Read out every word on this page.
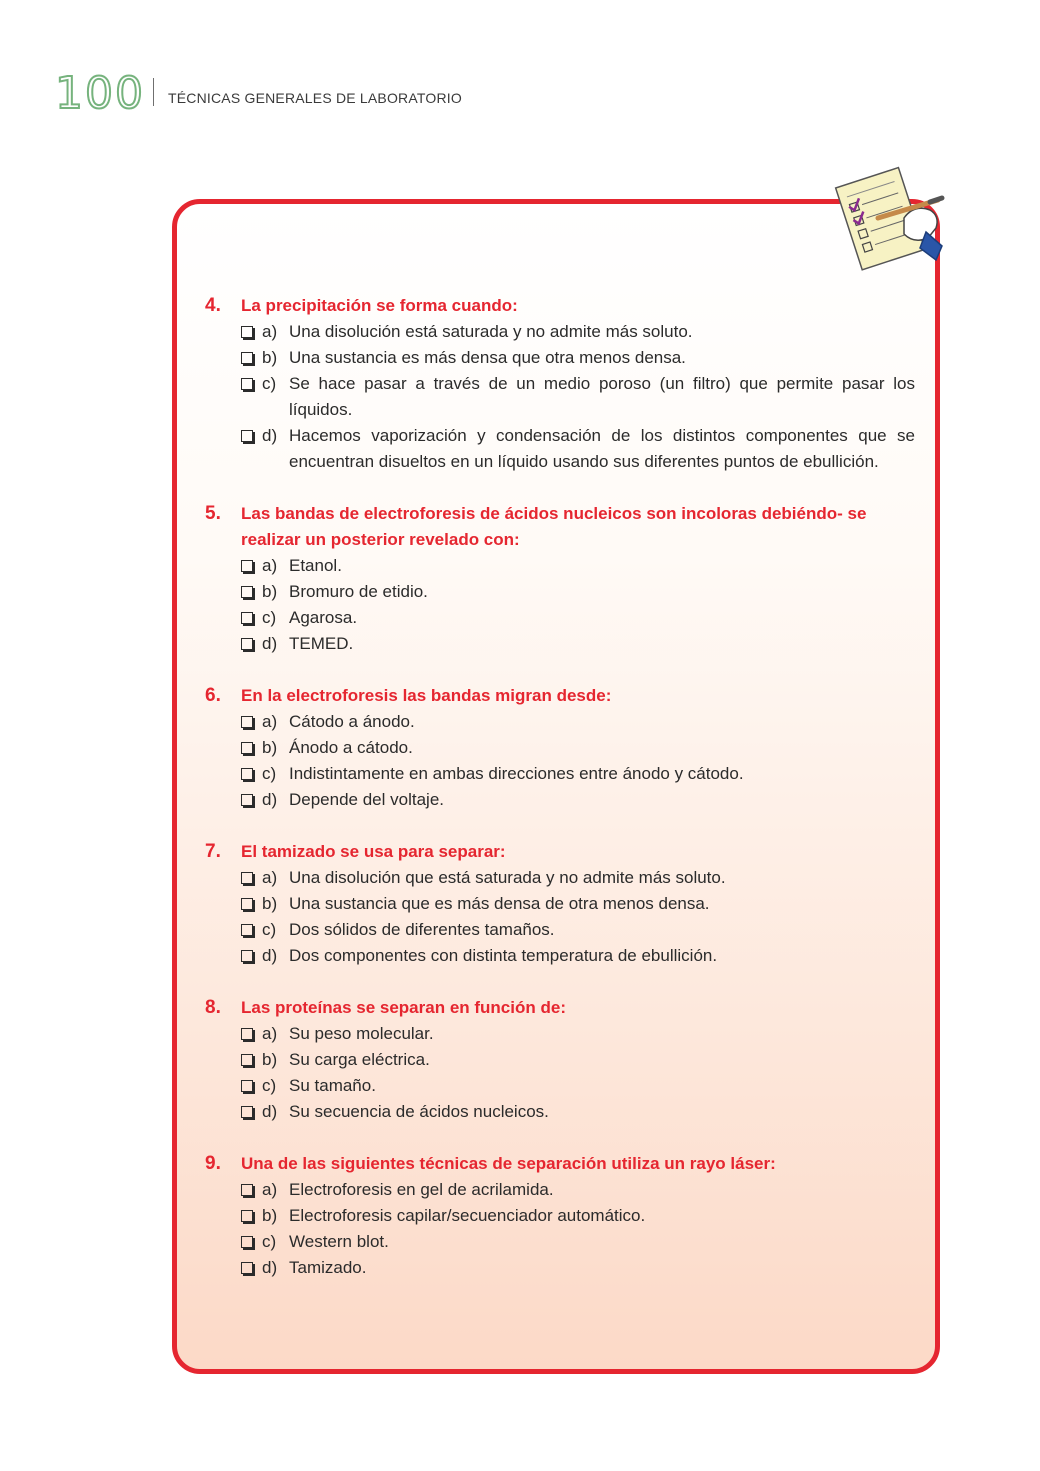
100 TÉCNICAS GENERALES DE LABORATORIO
4.	La precipitación se forma cuando:
a) Una disolución está saturada y no admite más soluto.
b) Una sustancia es más densa que otra menos densa.
c) Se hace pasar a través de un medio poroso (un filtro) que permite pasar los líquidos.
d) Hacemos vaporización y condensación de los distintos componentes que se encuentran disueltos en un líquido usando sus diferentes puntos de ebullición.
5.	Las bandas de electroforesis de ácidos nucleicos son incoloras debiéndo- se realizar un posterior revelado con:
a) Etanol.
b) Bromuro de etidio.
c) Agarosa.
d) TEMED.
6.	En la electroforesis las bandas migran desde:
a) Cátodo a ánodo.
b) Ánodo a cátodo.
c) Indistintamente en ambas direcciones entre ánodo y cátodo.
d) Depende del voltaje.
7.	El tamizado se usa para separar:
a) Una disolución que está saturada y no admite más soluto.
b) Una sustancia que es más densa de otra menos densa.
c) Dos sólidos de diferentes tamaños.
d) Dos componentes con distinta temperatura de ebullición.
8.	Las proteínas se separan en función de:
a) Su peso molecular.
b) Su carga eléctrica.
c) Su tamaño.
d) Su secuencia de ácidos nucleicos.
9.	Una de las siguientes técnicas de separación utiliza un rayo láser:
a) Electroforesis en gel de acrilamida.
b) Electroforesis capilar/secuenciador automático.
c) Western blot.
d) Tamizado.
